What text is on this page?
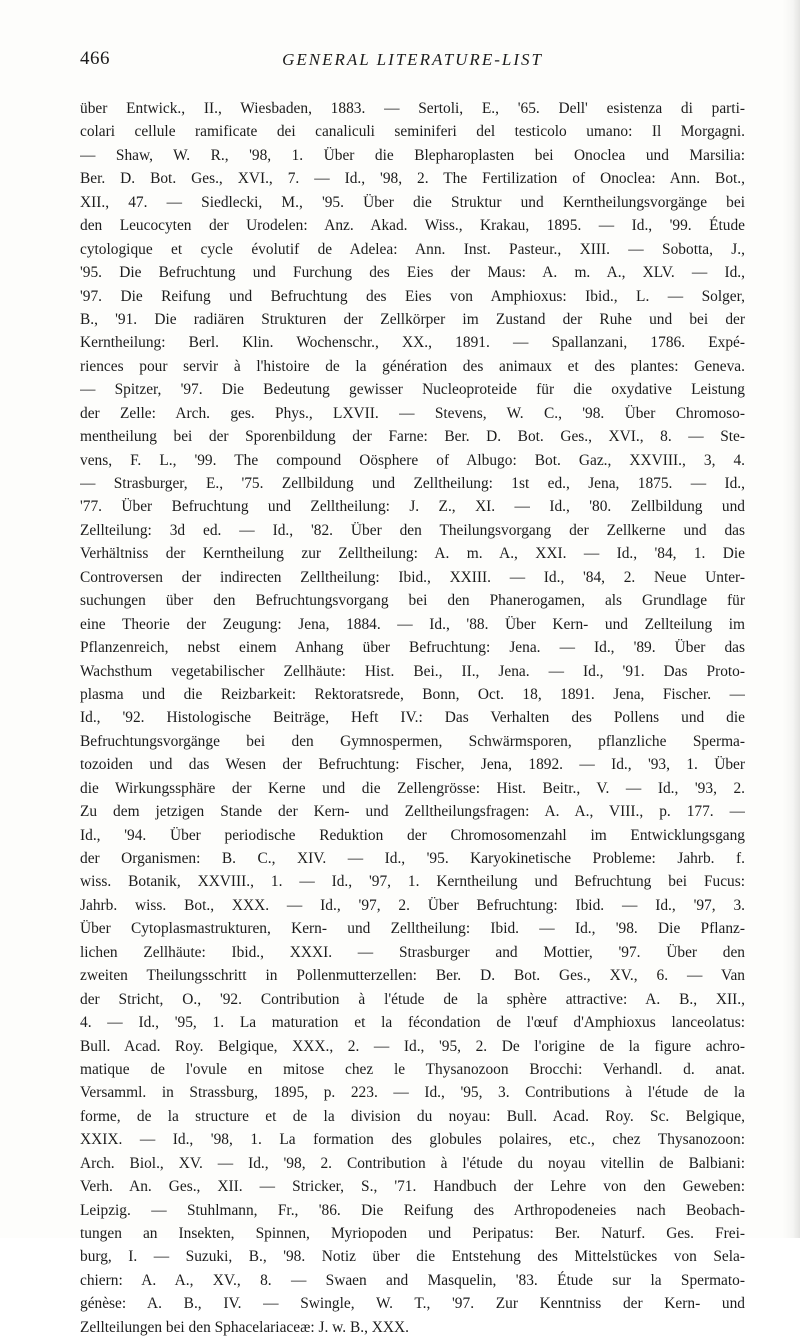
466	GENERAL LITERATURE-LIST
über Entwick., II., Wiesbaden, 1883. — Sertoli, E., '65. Dell' esistenza di parti-
colari cellule ramificate dei canaliculi seminiferi del testicolo umano: Il Morgagni.
— Shaw, W. R., '98, 1. Über die Blepharoplasten bei Onoclea und Marsilia:
Ber. D. Bot. Ges., XVI., 7. — Id., '98, 2. The Fertilization of Onoclea: Ann. Bot.,
XII., 47. — Siedlecki, M., '95. Über die Struktur und Kerntheilungsvorgänge bei
den Leucocyten der Urodelen: Anz. Akad. Wiss., Krakau, 1895. — Id., '99. Étude
cytologique et cycle évolutif de Adelea: Ann. Inst. Pasteur., XIII. — Sobotta, J.,
'95. Die Befruchtung und Furchung des Eies der Maus: A. m. A., XLV. — Id.,
'97. Die Reifung und Befruchtung des Eies von Amphioxus: Ibid., L. — Solger,
B., '91. Die radiären Strukturen der Zellkörper im Zustand der Ruhe und bei der
Kerntheilung: Berl. Klin. Wochenschr., XX., 1891. — Spallanzani, 1786. Expé-
riences pour servir à l'histoire de la génération des animaux et des plantes: Geneva.
— Spitzer, '97. Die Bedeutung gewisser Nucleoproteide für die oxydative Leistung
der Zelle: Arch. ges. Phys., LXVII. — Stevens, W. C., '98. Über Chromoso-
mentheilung bei der Sporenbildung der Farne: Ber. D. Bot. Ges., XVI., 8. — Ste-
vens, F. L., '99. The compound Oösphere of Albugo: Bot. Gaz., XXVIII., 3, 4.
— Strasburger, E., '75. Zellbildung und Zelltheilung: 1st ed., Jena, 1875. — Id.,
'77. Über Befruchtung und Zelltheilung: J. Z., XI. — Id., '80. Zellbildung und
Zellteilung: 3d ed. — Id., '82. Über den Theilungsvorgang der Zellkerne und das
Verhältniss der Kerntheilung zur Zelltheilung: A. m. A., XXI. — Id., '84, 1. Die
Controversen der indirecten Zelltheilung: Ibid., XXIII. — Id., '84, 2. Neue Unter-
suchungen über den Befruchtungsvorgang bei den Phanerogamen, als Grundlage für
eine Theorie der Zeugung: Jena, 1884. — Id., '88. Über Kern- und Zellteilung im
Pflanzenreich, nebst einem Anhang über Befruchtung: Jena. — Id., '89. Über das
Wachsthum vegetabilischer Zellhäute: Hist. Bei., II., Jena. — Id., '91. Das Proto-
plasma und die Reizbarkeit: Rektoratsrede, Bonn, Oct. 18, 1891. Jena, Fischer. —
Id., '92. Histologische Beiträge, Heft IV.: Das Verhalten des Pollens und die
Befruchtungsvorgänge bei den Gymnospermen, Schwärmsporen, pflanzliche Sperma-
tozoiden und das Wesen der Befruchtung: Fischer, Jena, 1892. — Id., '93, 1. Über
die Wirkungssphäre der Kerne und die Zellengrösse: Hist. Beitr., V. — Id., '93, 2.
Zu dem jetzigen Stande der Kern- und Zelltheilungsfragen: A. A., VIII., p. 177. —
Id., '94. Über periodische Reduktion der Chromosomenzahl im Entwicklungsgang
der Organismen: B. C., XIV. — Id., '95. Karyokinetische Probleme: Jahrb. f.
wiss. Botanik, XXVIII., 1. — Id., '97, 1. Kerntheilung und Befruchtung bei Fucus:
Jahrb. wiss. Bot., XXX. — Id., '97, 2. Über Befruchtung: Ibid. — Id., '97, 3.
Über Cytoplasmastrukturen, Kern- und Zelltheilung: Ibid. — Id., '98. Die Pflanz-
lichen Zellhäute: Ibid., XXXI. — Strasburger and Mottier, '97. Über den
zweiten Theilungsschritt in Pollenmutterzellen: Ber. D. Bot. Ges., XV., 6. — Van
der Stricht, O., '92. Contribution à l'étude de la sphère attractive: A. B., XII.,
4. — Id., '95, 1. La maturation et la fécondation de l'œuf d'Amphioxus lanceolatus:
Bull. Acad. Roy. Belgique, XXX., 2. — Id., '95, 2. De l'origine de la figure achro-
matique de l'ovule en mitose chez le Thysanozoon Brocchi: Verhandl. d. anat.
Versamml. in Strassburg, 1895, p. 223. — Id., '95, 3. Contributions à l'étude de la
forme, de la structure et de la division du noyau: Bull. Acad. Roy. Sc. Belgique,
XXIX. — Id., '98, 1. La formation des globules polaires, etc., chez Thysanozoon:
Arch. Biol., XV. — Id., '98, 2. Contribution à l'étude du noyau vitellin de Balbiani:
Verh. An. Ges., XII. — Stricker, S., '71. Handbuch der Lehre von den Geweben:
Leipzig. — Stuhlmann, Fr., '86. Die Reifung des Arthropodeneies nach Beobach-
tungen an Insekten, Spinnen, Myriopoden und Peripatus: Ber. Naturf. Ges. Frei-
burg, I. — Suzuki, B., '98. Notiz über die Entstehung des Mittelstückes von Sela-
chiern: A. A., XV., 8. — Swaen and Masquelin, '83. Étude sur la Spermato-
génèse: A. B., IV. — Swingle, W. T., '97. Zur Kenntniss der Kern- und
Zellteilungen bei den Sphacelariaceæ: J. w. B., XXX.
